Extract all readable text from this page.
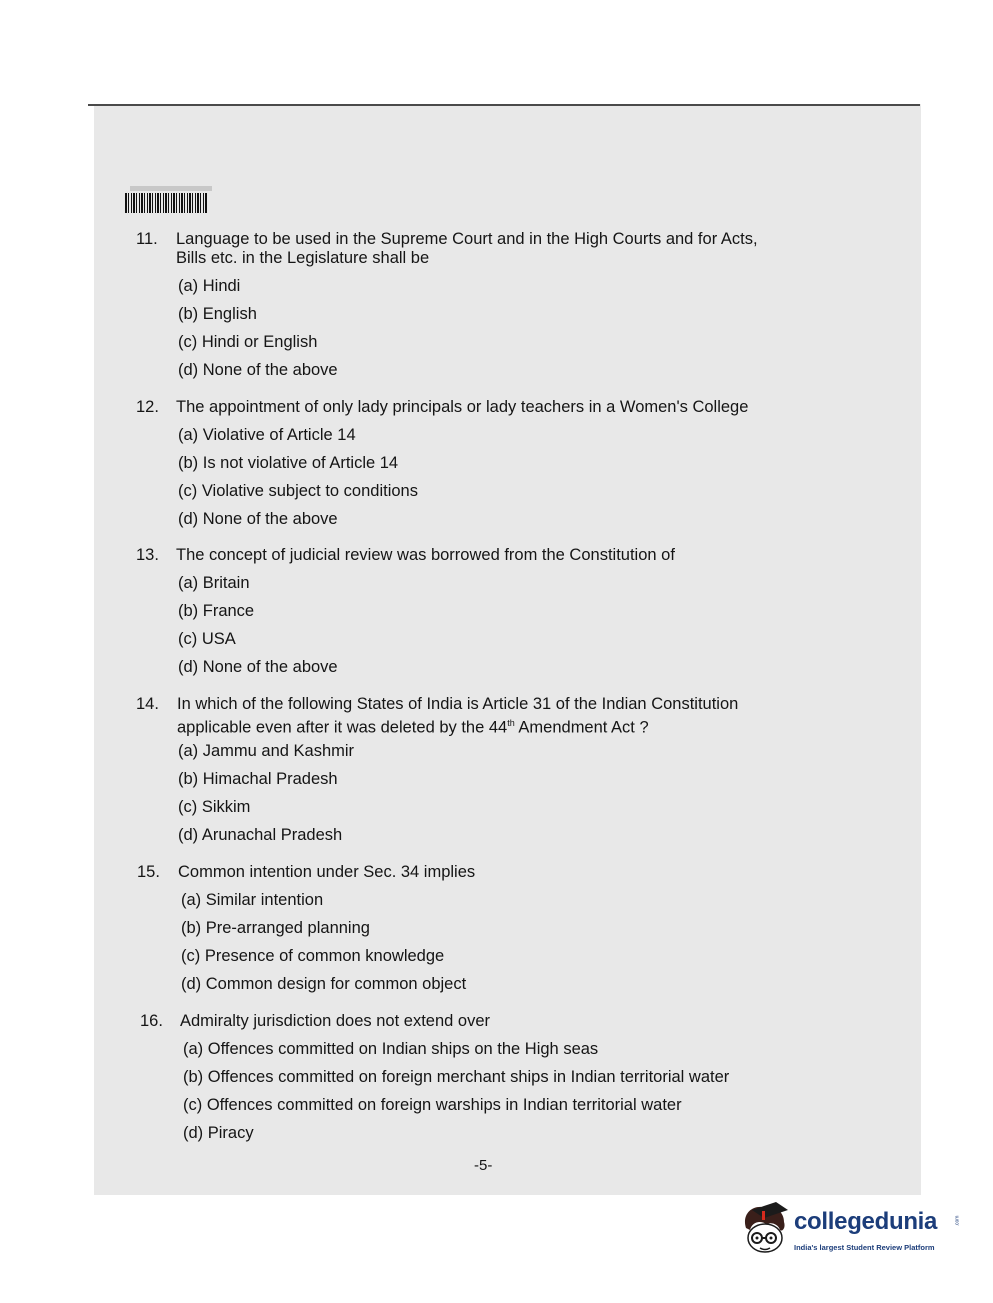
11. Language to be used in the Supreme Court and in the High Courts and for Acts,
Bills etc. in the Legislature shall be
(a) Hindi
(b) English
(c) Hindi or English
(d) None of the above
12. The appointment of only lady principals or lady teachers in a Women's College
(a) Violative of Article 14
(b) Is not violative of Article 14
(c) Violative subject to conditions
(d) None of the above
13. The concept of judicial review was borrowed from the Constitution of
(a) Britain
(b) France
(c) USA
(d) None of the above
14. In which of the following States of India is Article 31 of the Indian Constitution
applicable even after it was deleted by the 44th Amendment Act ?
(a) Jammu and Kashmir
(b) Himachal Pradesh
(c) Sikkim
(d) Arunachal Pradesh
15. Common intention under Sec. 34 implies
(a) Similar intention
(b) Pre-arranged planning
(c) Presence of common knowledge
(d) Common design for common object
16. Admiralty jurisdiction does not extend over
(a) Offences committed on Indian ships on the High seas
(b) Offences committed on foreign merchant ships in Indian territorial water
(c) Offences committed on foreign warships in Indian territorial water
(d) Piracy
-5-
collegedunia	.com
India's largest Student Review Platform
